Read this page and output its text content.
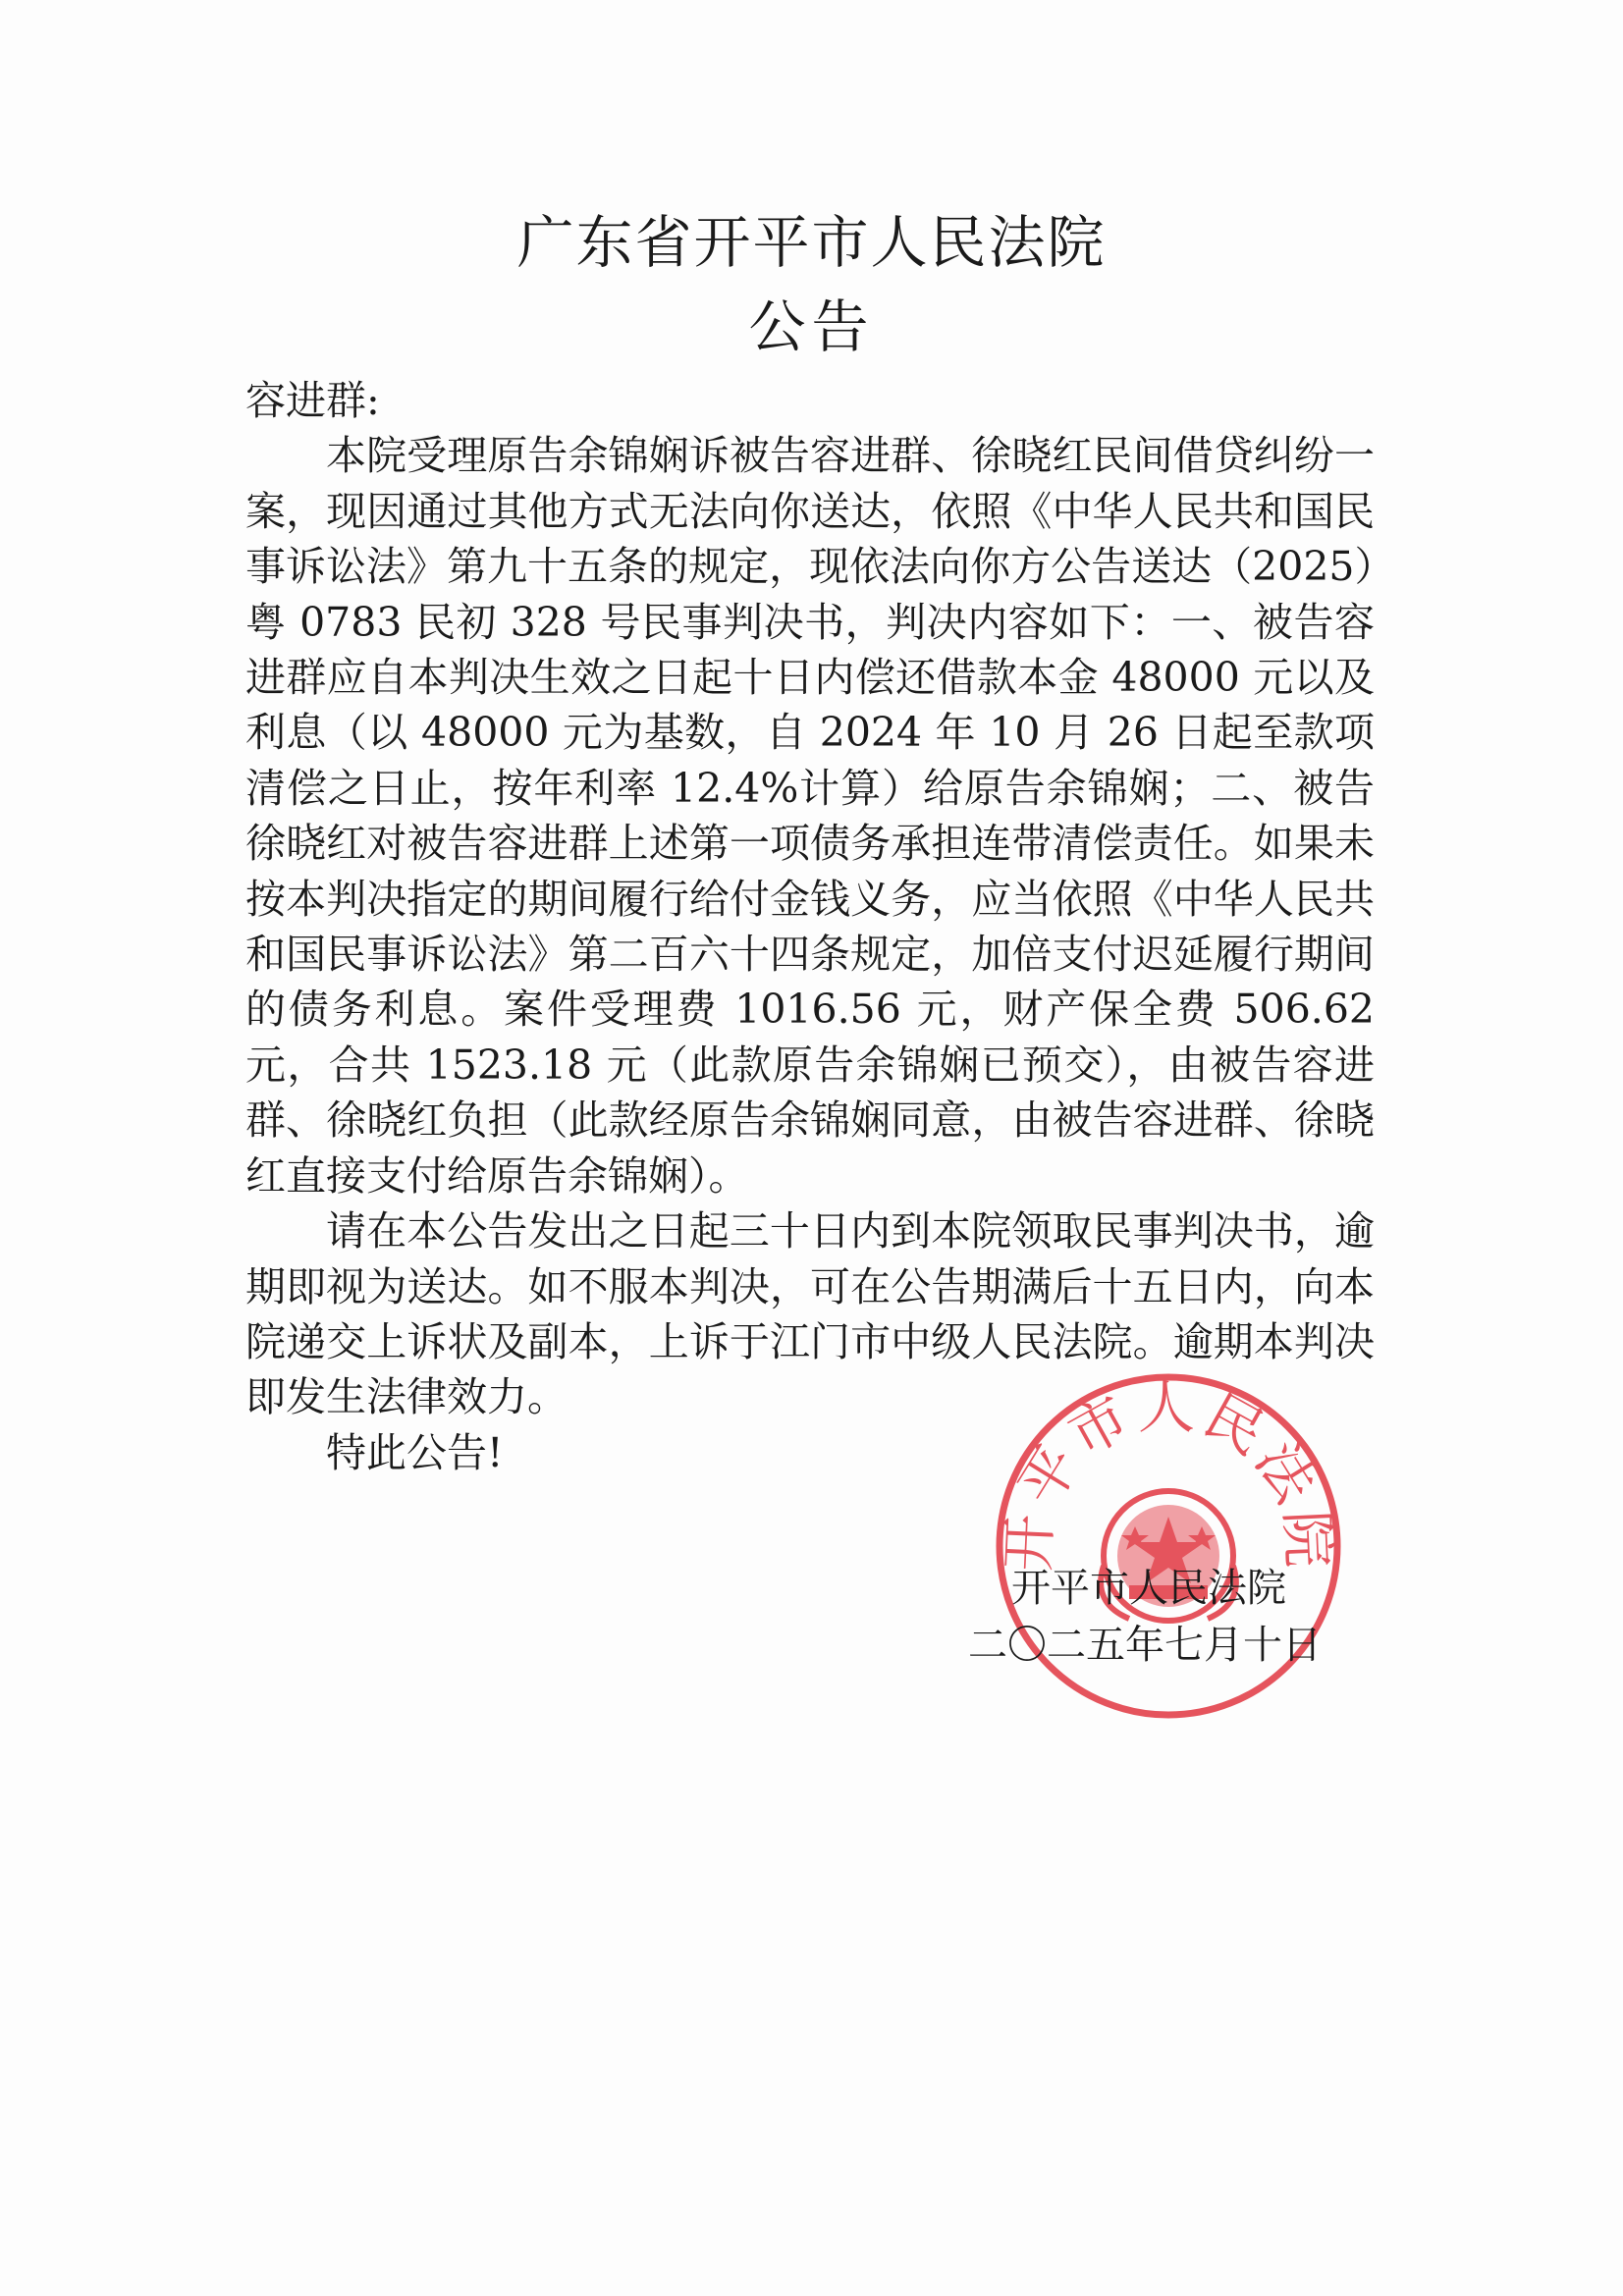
广东省开平市人民法院
公告

容进群:

本院受理原告余锦娴诉被告容进群、徐晓红民间借贷纠纷一案，现因通过其他方式无法向你送达，依照《中华人民共和国民事诉讼法》第九十五条的规定，现依法向你方公告送达（2025）粤 0783 民初 328 号民事判决书，判决内容如下：一、被告容进群应自本判决生效之日起十日内偿还借款本金 48000 元以及利息（以 48000 元为基数，自 2024 年 10 月 26 日起至款项清偿之日止，按年利率 12.4%计算）给原告余锦娴；二、被告徐晓红对被告容进群上述第一项债务承担连带清偿责任。如果未按本判决指定的期间履行给付金钱义务，应当依照《中华人民共和国民事诉讼法》第二百六十四条规定，加倍支付迟延履行期间的债务利息。案件受理费 1016.56 元，财产保全费 506.62 元，合共 1523.18 元（此款原告余锦娴已预交），由被告容进群、徐晓红负担（此款经原告余锦娴同意，由被告容进群、徐晓红直接支付给原告余锦娴）。

请在本公告发出之日起三十日内到本院领取民事判决书，逾期即视为送达。如不服本判决，可在公告期满后十五日内，向本院递交上诉状及副本，上诉于江门市中级人民法院。逾期本判决即发生法律效力。

特此公告!

开平市人民法院
开平市人民法院
二〇二五年七月十日
